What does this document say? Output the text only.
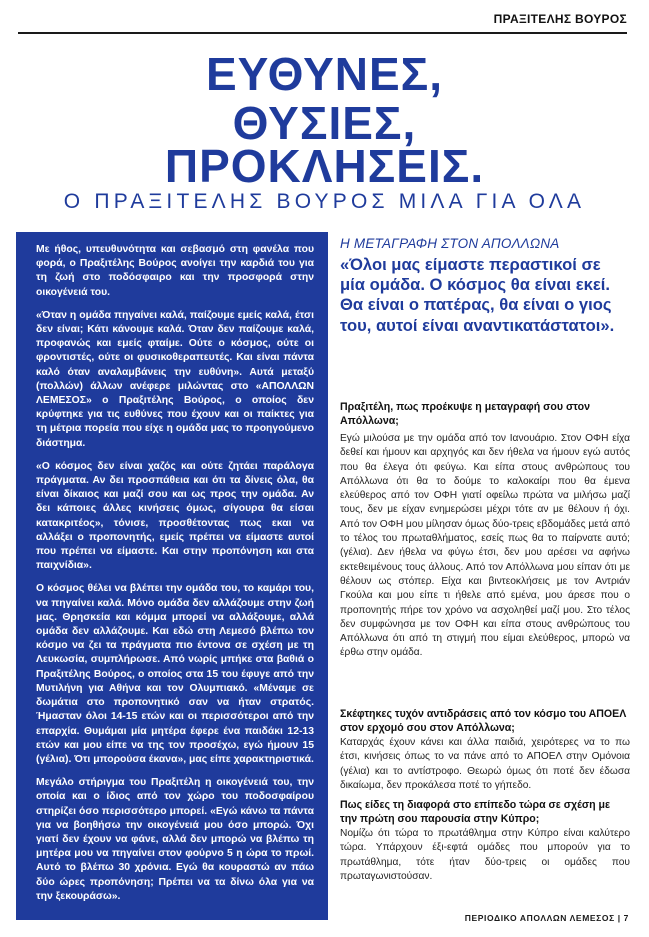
ΠΡΑΞΙΤΕΛΗΣ ΒΟΥΡΟΣ
ΕΥΘΥΝΕΣ,
ΘΥΣΙΕΣ,
ΠΡΟΚΛΗΣΕΙΣ.
Ο ΠΡΑΞΙΤΕΛΗΣ ΒΟΥΡΟΣ ΜΙΛΑ ΓΙΑ ΟΛΑ

Με ήθος, υπευθυνότητα και σεβασμό στη φανέλα που φορά, ο Πραξιτέλης Βούρος ανοίγει την καρδιά του για τη ζωή στο ποδόσφαιρο και την προσφορά στην οικογένειά του.

«Όταν η ομάδα πηγαίνει καλά, παίζουμε εμείς καλά, έτσι δεν είναι; Κάτι κάνουμε καλά. Όταν δεν παίζουμε καλά, προφανώς και εμείς φταίμε. Ούτε ο κόσμος, ούτε οι φροντιστές, ούτε οι φυσικοθεραπευτές. Και είναι πάντα καλό όταν αναλαμβάνεις την ευθύνη». Αυτά μεταξύ (πολλών) άλλων ανέφερε μιλώντας στο «ΑΠΟΛΛΩΝ ΛΕΜΕΣΟΣ» ο Πραξιτέλης Βούρος, ο οποίος δεν κρύφτηκε για τις ευθύνες που έχουν και οι παίκτες για τη μέτρια πορεία που είχε η ομάδα μας το προηγούμενο διάστημα.

«Ο κόσμος δεν είναι χαζός και ούτε ζητάει παράλογα πράγματα. Αν δει προσπάθεια και ότι τα δίνεις όλα, θα είναι δίκαιος και μαζί σου και ως προς την ομάδα. Αν δει κάποιες άλλες κινήσεις όμως, σίγουρα θα είσαι κατακριτέος», τόνισε, προσθέτοντας πως εκαι να αλλάξει ο προπονητής, εμείς πρέπει να είμαστε αυτοί που πρέπει να είμαστε. Και στην προπόνηση και στα παιχνίδια».

Ο κόσμος θέλει να βλέπει την ομάδα του, το καμάρι του, να πηγαίνει καλά. Μόνο ομάδα δεν αλλάζουμε στην ζωή μας. Θρησκεία και κόμμα μπορεί να αλλάξουμε, αλλά ομάδα δεν αλλάζουμε. Και εδώ στη Λεμεσό βλέπω τον κόσμο να ζει τα πράγματα πιο έντονα σε σχέση με τη Λευκωσία, συμπλήρωσε. Από νωρίς μπήκε στα βαθιά ο Πραξιτέλης Βούρος, ο οποίος στα 15 του έφυγε από την Μυτιλήνη για Αθήνα και τον Ολυμπιακό. «Μέναμε σε δωμάτια στο προπονητικό σαν να ήταν στρατός. Ήμασταν όλοι 14-15 ετών και οι περισσότεροι από την επαρχία. Θυμάμαι μία μητέρα έφερε ένα παιδάκι 12-13 ετών και μου είπε να της τον προσέχω, εγώ ήμουν 15 (γέλια). Ότι μπορούσα έκανα», μας είπε χαρακτηριστικά.

Μεγάλο στήριγμα του Πραξιτέλη η οικογένειά του, την οποία και ο ίδιος από τον χώρο του ποδοσφαίρου στηρίζει όσο περισσότερο μπορεί. «Εγώ κάνω τα πάντα για να βοηθήσω την οικογένειά μου όσο μπορώ. Όχι γιατί δεν έχουν να φάνε, αλλά δεν μπορώ να βλέπω τη μητέρα μου να πηγαίνει στον φούρνο 5 η ώρα το πρωί. Αυτό το βλέπω 30 χρόνια. Εγώ θα κουραστώ αν πάω δύο ώρες προπόνηση; Πρέπει να τα δίνω όλα για να την ξεκουράσω».

Η ΜΕΤΑΓΡΑΦΗ ΣΤΟΝ ΑΠΟΛΛΩΝΑ

«Όλοι μας είμαστε περαστικοί σε μία ομάδα. Ο κόσμος θα είναι εκεί. Θα είναι ο πατέρας, θα είναι ο γιος του, αυτοί είναι αναντικατάστατοι».

Πραξιτέλη, πως προέκυψε η μεταγραφή σου στον Απόλλωνα;

Εγώ μιλούσα με την ομάδα από τον Ιανουάριο. Στον ΟΦΗ είχα δεθεί και ήμουν και αρχηγός και δεν ήθελα να ήμουν εγώ αυτός που θα έλεγα ότι φεύγω. Και είπα στους ανθρώπους του Απόλλωνα ότι θα το δούμε το καλοκαίρι που θα έμενα ελεύθερος από τον ΟΦΗ γιατί οφείλω πρώτα να μιλήσω μαζί τους, δεν με είχαν ενημερώσει μέχρι τότε αν με θέλουν ή όχι. Από τον ΟΦΗ μου μίλησαν όμως δύο-τρεις εβδομάδες μετά από το τέλος του πρωταθλήματος, εσείς πως θα το παίρνατε αυτό; (γέλια). Δεν ήθελα να φύγω έτσι, δεν μου αρέσει να αφήνω εκτεθειμένους τους άλλους. Από τον Απόλλωνα μου είπαν ότι με θέλουν ως στόπερ. Είχα και βιντεοκλήσεις με τον Αντριάν Γκούλα και μου είπε τι ήθελε από εμένα, μου άρεσε που ο προπονητής πήρε τον χρόνο να ασχοληθεί μαζί μου. Στο τέλος δεν συμφώνησα με τον ΟΦΗ και είπα στους ανθρώπους του Απόλλωνα ότι από τη στιγμή που είμαι ελεύθερος, μπορώ να έρθω στην ομάδα.

Σκέφτηκες τυχόν αντιδράσεις από τον κόσμο του ΑΠΟΕΛ στον ερχομό σου στον Απόλλωνα;

Καταρχάς έχουν κάνει και άλλα παιδιά, χειρότερες να το πω έτσι, κινήσεις όπως το να πάνε από το ΑΠΟΕΛ στην Ομόνοια (γέλια) και το αντίστροφο. Θεωρώ όμως ότι ποτέ δεν έδωσα δικαίωμα, δεν προκάλεσα ποτέ το γήπεδο.

Πως είδες τη διαφορά στο επίπεδο τώρα σε σχέση με την πρώτη σου παρουσία στην Κύπρο;

Νομίζω ότι τώρα το πρωτάθλημα στην Κύπρο είναι καλύτερο τώρα. Υπάρχουν έξι-εφτά ομάδες που μπορούν για το πρωτάθλημα, τότε ήταν δύο-τρεις οι ομάδες που πρωταγωνιστούσαν.

ΠΕΡΙΟΔΙΚΟ ΑΠΟΛΛΩΝ ΛΕΜΕΣΟΣ | 7
